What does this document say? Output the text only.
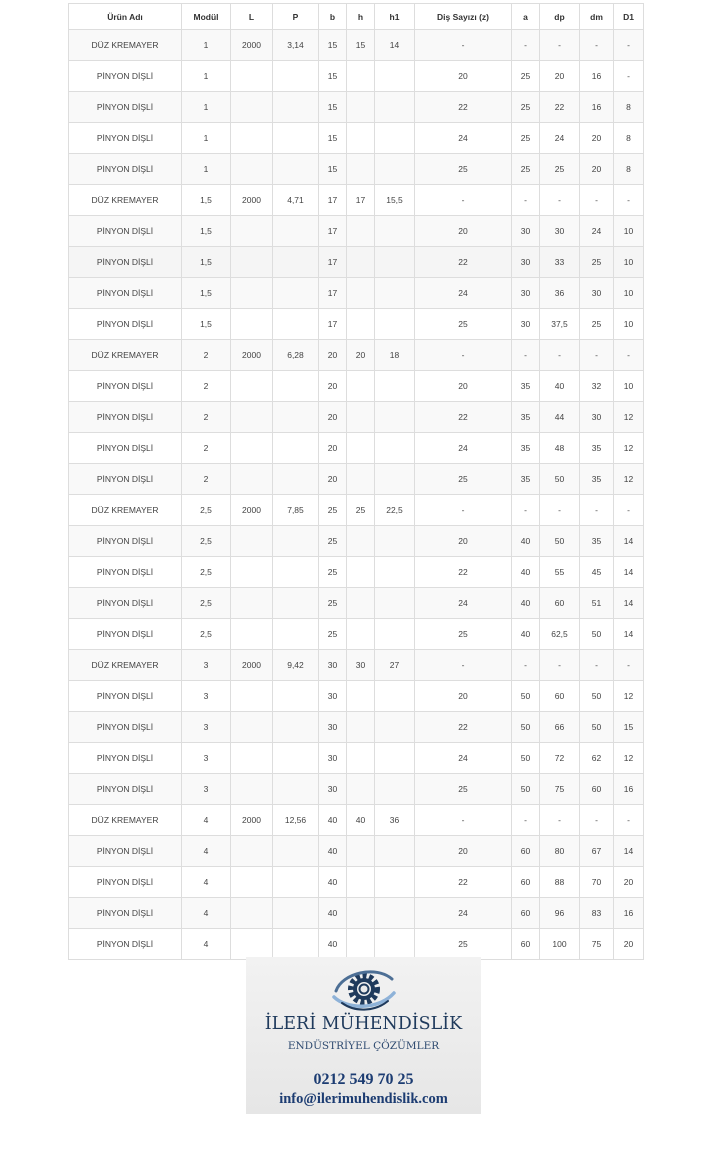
Ürün Adı	Modül	L	P	b	h	h1	Diş Sayızı (z)	a	dp	dm	D1
DÜZ KREMAYER	1	2000	3,14	15	15	14	-	-	-	-	-
PİNYON DİŞLİ	1			15			20	25	20	16	-
PİNYON DİŞLİ	1			15			22	25	22	16	8
PİNYON DİŞLİ	1			15			24	25	24	20	8
PİNYON DİŞLİ	1			15			25	25	25	20	8
DÜZ KREMAYER	1,5	2000	4,71	17	17	15,5	-	-	-	-	-
PİNYON DİŞLİ	1,5			17			20	30	30	24	10
PİNYON DİŞLİ	1,5			17			22	30	33	25	10
PİNYON DİŞLİ	1,5			17			24	30	36	30	10
PİNYON DİŞLİ	1,5			17			25	30	37,5	25	10
DÜZ KREMAYER	2	2000	6,28	20	20	18	-	-	-	-	-
PİNYON DİŞLİ	2			20			20	35	40	32	10
PİNYON DİŞLİ	2			20			22	35	44	30	12
PİNYON DİŞLİ	2			20			24	35	48	35	12
PİNYON DİŞLİ	2			20			25	35	50	35	12
DÜZ KREMAYER	2,5	2000	7,85	25	25	22,5	-	-	-	-	-
PİNYON DİŞLİ	2,5			25			20	40	50	35	14
PİNYON DİŞLİ	2,5			25			22	40	55	45	14
PİNYON DİŞLİ	2,5			25			24	40	60	51	14
PİNYON DİŞLİ	2,5			25			25	40	62,5	50	14
DÜZ KREMAYER	3	2000	9,42	30	30	27	-	-	-	-	-
PİNYON DİŞLİ	3			30			20	50	60	50	12
PİNYON DİŞLİ	3			30			22	50	66	50	15
PİNYON DİŞLİ	3			30			24	50	72	62	12
PİNYON DİŞLİ	3			30			25	50	75	60	16
DÜZ KREMAYER	4	2000	12,56	40	40	36	-	-	-	-	-
PİNYON DİŞLİ	4			40			20	60	80	67	14
PİNYON DİŞLİ	4			40			22	60	88	70	20
PİNYON DİŞLİ	4			40			24	60	96	83	16
PİNYON DİŞLİ	4			40			25	60	100	75	20
İLERİ MÜHENDİSLİK
ENDÜSTRİYEL ÇÖZÜMLER
0212 549 70 25
info@ilerimuhendislik.com
